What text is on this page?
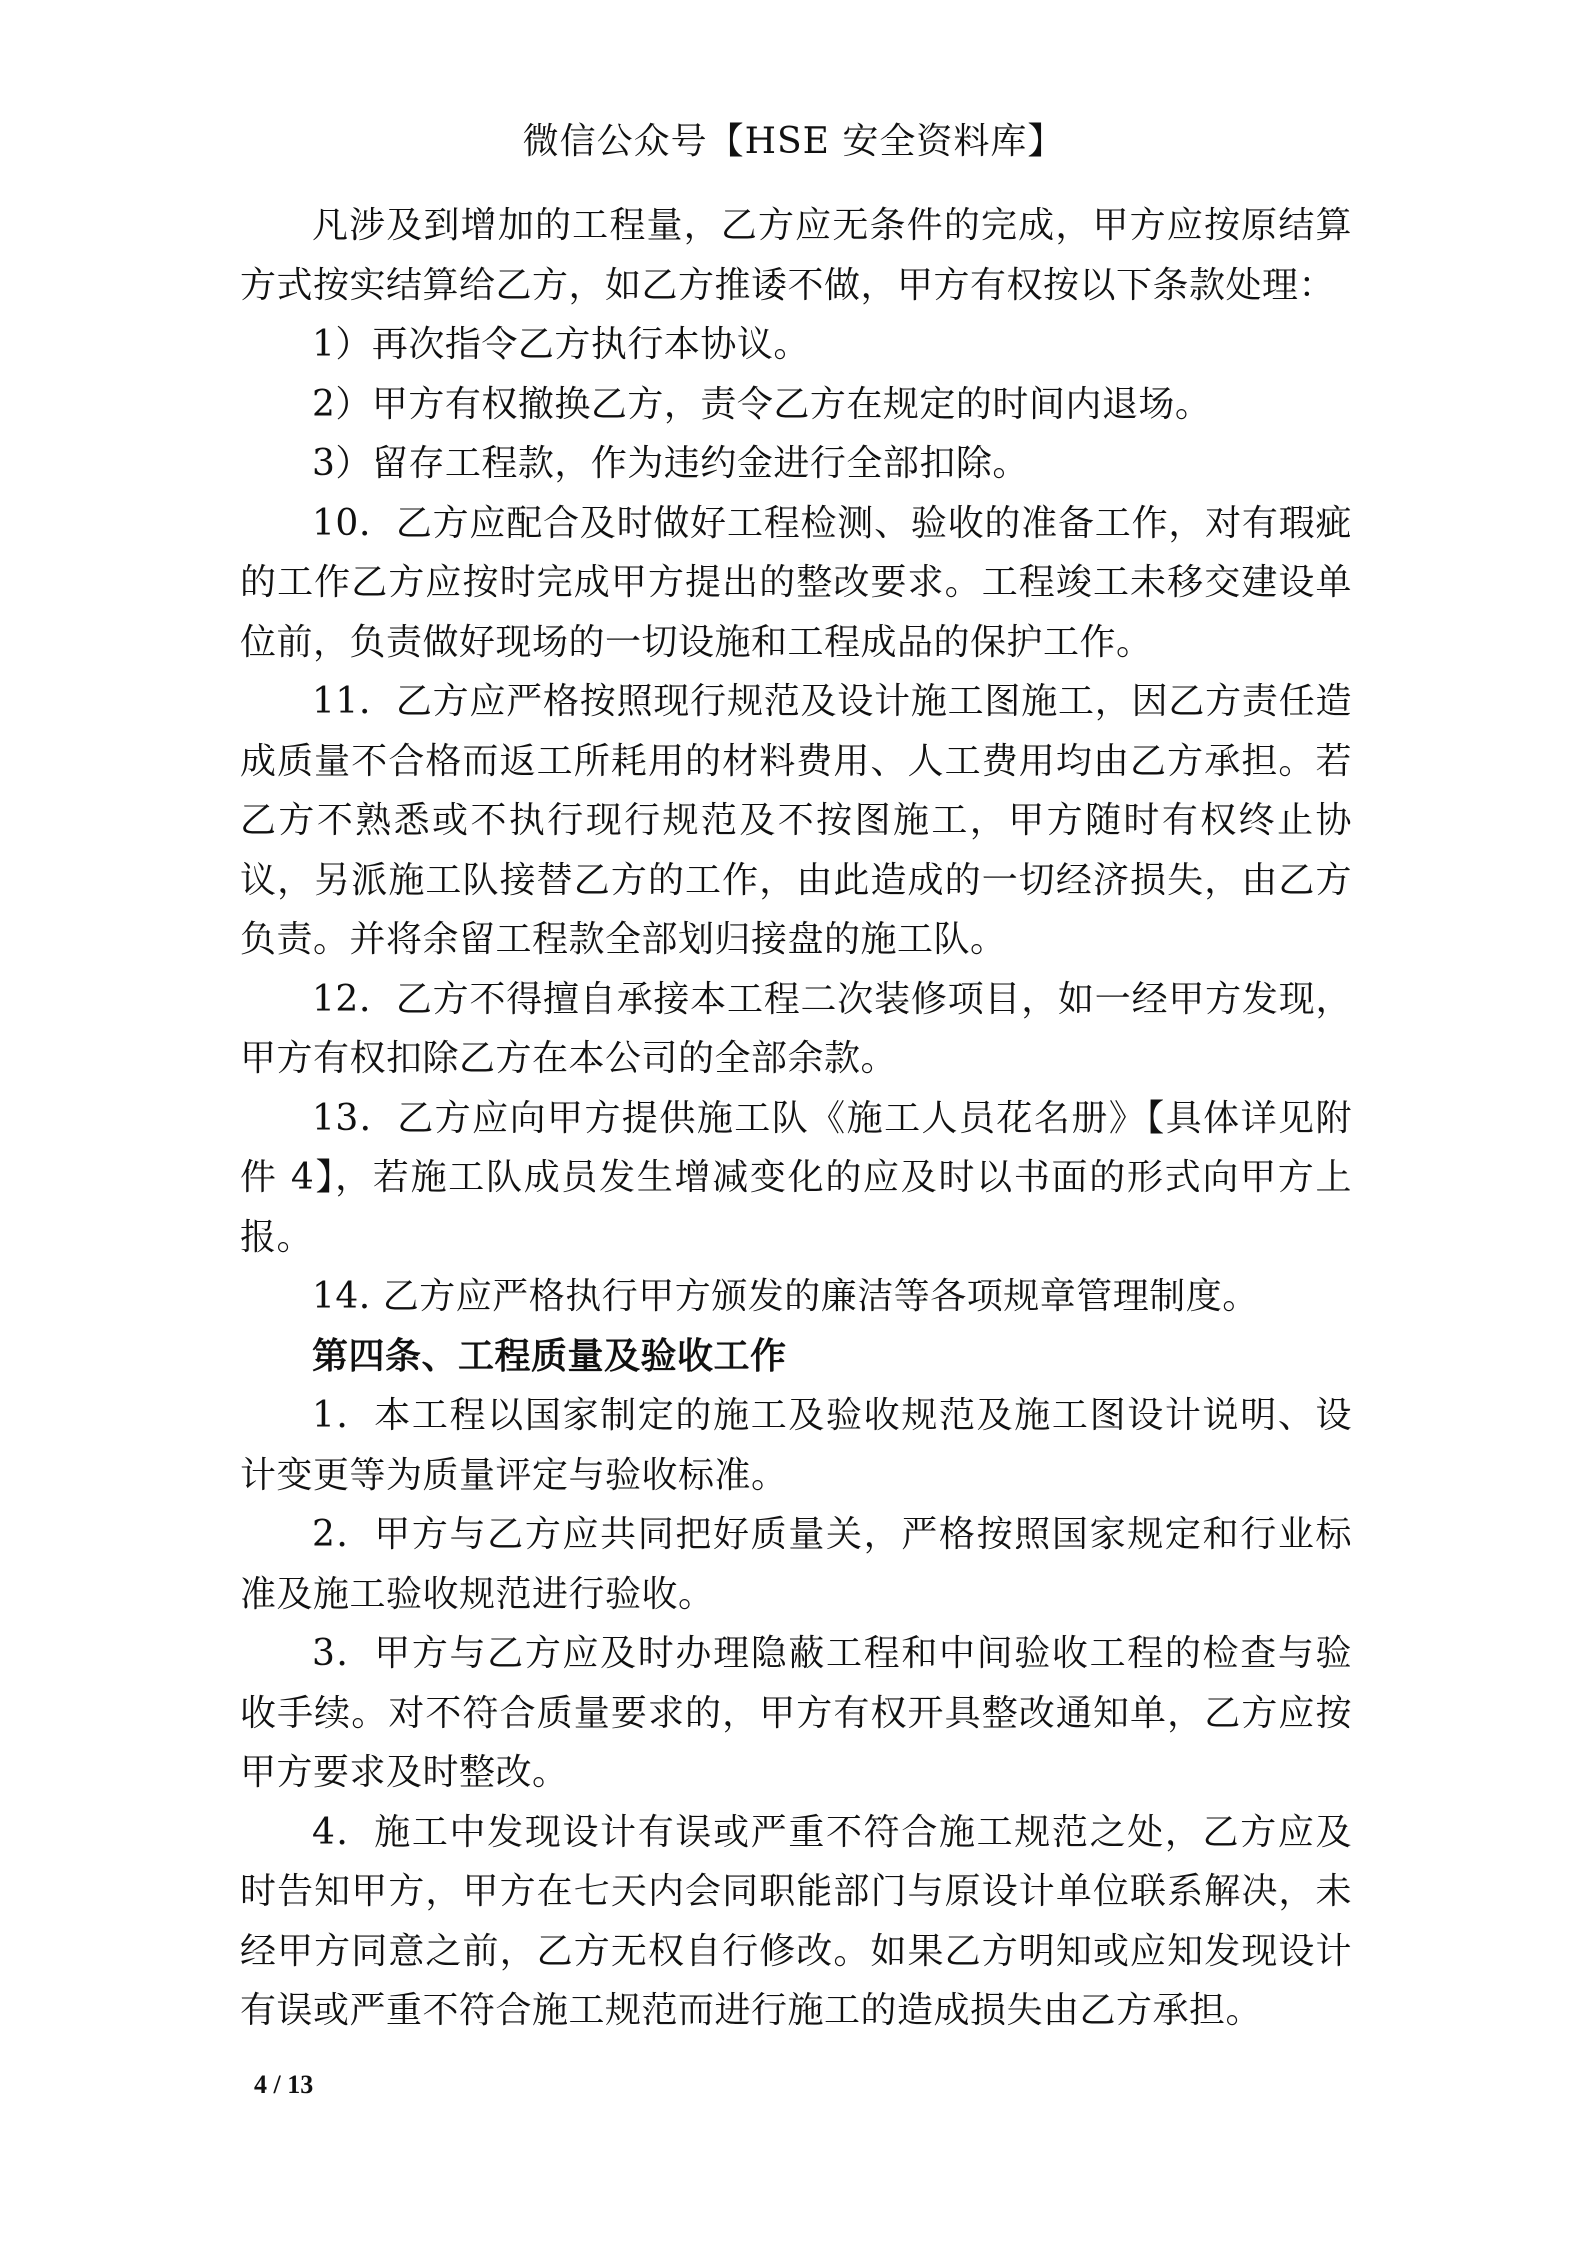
微信公众号【HSE 安全资料库】

凡涉及到增加的工程量，乙方应无条件的完成，甲方应按原结算方式按实结算给乙方，如乙方推诿不做，甲方有权按以下条款处理：

1）再次指令乙方执行本协议。

2）甲方有权撤换乙方，责令乙方在规定的时间内退场。

3）留存工程款，作为违约金进行全部扣除。

10．乙方应配合及时做好工程检测、验收的准备工作，对有瑕疵的工作乙方应按时完成甲方提出的整改要求。工程竣工未移交建设单位前，负责做好现场的一切设施和工程成品的保护工作。

11．乙方应严格按照现行规范及设计施工图施工，因乙方责任造成质量不合格而返工所耗用的材料费用、人工费用均由乙方承担。若乙方不熟悉或不执行现行规范及不按图施工，甲方随时有权终止协议，另派施工队接替乙方的工作，由此造成的一切经济损失，由乙方负责。并将余留工程款全部划归接盘的施工队。

12．乙方不得擅自承接本工程二次装修项目，如一经甲方发现，甲方有权扣除乙方在本公司的全部余款。

13．乙方应向甲方提供施工队《施工人员花名册》【具体详见附件 4】，若施工队成员发生增减变化的应及时以书面的形式向甲方上报。

14. 乙方应严格执行甲方颁发的廉洁等各项规章管理制度。

第四条、工程质量及验收工作

1．本工程以国家制定的施工及验收规范及施工图设计说明、设计变更等为质量评定与验收标准。

2．甲方与乙方应共同把好质量关，严格按照国家规定和行业标准及施工验收规范进行验收。

3．甲方与乙方应及时办理隐蔽工程和中间验收工程的检查与验收手续。对不符合质量要求的，甲方有权开具整改通知单，乙方应按甲方要求及时整改。

4．施工中发现设计有误或严重不符合施工规范之处，乙方应及时告知甲方，甲方在七天内会同职能部门与原设计单位联系解决，未经甲方同意之前，乙方无权自行修改。如果乙方明知或应知发现设计有误或严重不符合施工规范而进行施工的造成损失由乙方承担。

4 / 13
